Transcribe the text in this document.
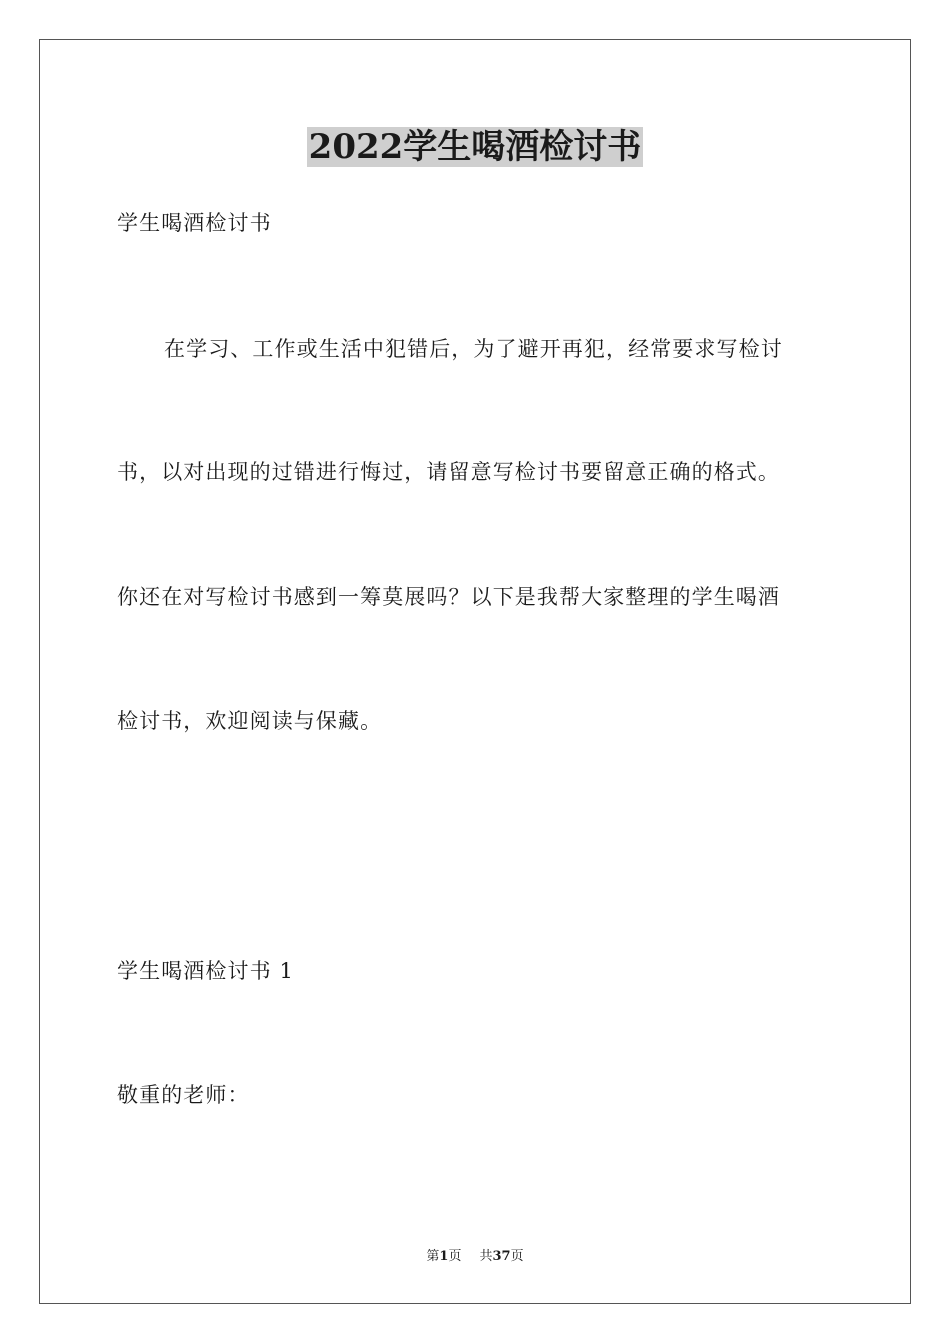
2022学生喝酒检讨书
学生喝酒检讨书
在学习、工作或生活中犯错后，为了避开再犯，经常要求写检讨
书，以对出现的过错进行悔过，请留意写检讨书要留意正确的格式。
你还在对写检讨书感到一筹莫展吗？以下是我帮大家整理的学生喝酒
检讨书，欢迎阅读与保藏。
学生喝酒检讨书 1
敬重的老师：
第1页 共37页
